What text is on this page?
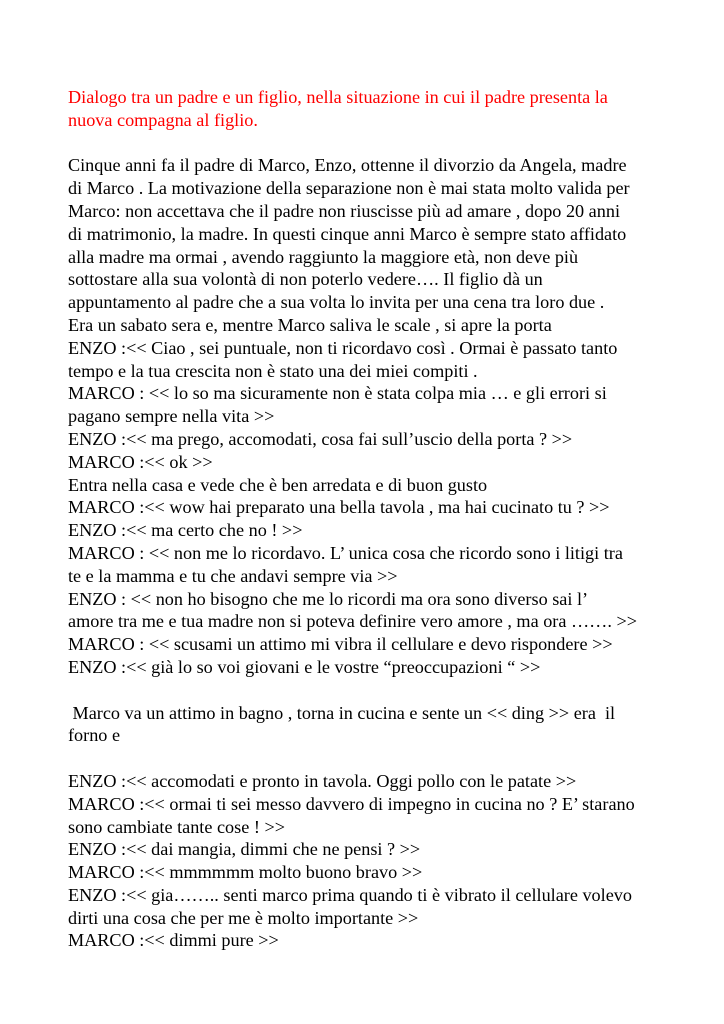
Dialogo tra un padre e un figlio, nella situazione in cui il padre presenta la
nuova compagna al figlio.
Cinque anni fa il padre di Marco, Enzo, ottenne il divorzio da Angela, madre
di Marco . La motivazione della separazione non è mai stata molto valida per
Marco: non accettava che il padre non riuscisse più ad amare , dopo 20 anni
di matrimonio, la madre. In questi cinque anni Marco è sempre stato affidato
alla madre ma ormai , avendo raggiunto la maggiore età, non deve più
sottostare alla sua volontà di non poterlo vedere…. Il figlio dà un
appuntamento al padre che a sua volta lo invita per una cena tra loro due .
Era un sabato sera e, mentre Marco saliva le scale , si apre la porta
ENZO :<< Ciao , sei puntuale, non ti ricordavo così . Ormai è passato tanto
tempo e la tua crescita non è stato una dei miei compiti .
MARCO : << lo so ma sicuramente non è stata colpa mia … e gli errori si
pagano sempre nella vita >>
ENZO :<< ma prego, accomodati, cosa fai sull’uscio della porta ? >>
MARCO :<< ok >>
Entra nella casa e vede che è ben arredata e di buon gusto
MARCO :<< wow hai preparato una bella tavola , ma hai cucinato tu ? >>
ENZO :<< ma certo che no ! >>
MARCO : << non me lo ricordavo. L’ unica cosa che ricordo sono i litigi tra
te e la mamma e tu che andavi sempre via >>
ENZO : << non ho bisogno che me lo ricordi ma ora sono diverso sai l’
amore tra me e tua madre non si poteva definire vero amore , ma ora ……. >>
MARCO : << scusami un attimo mi vibra il cellulare e devo rispondere >>
ENZO :<< già lo so voi giovani e le vostre “preoccupazioni “ >>
Marco va un attimo in bagno , torna in cucina e sente un << ding >> era  il
forno e
ENZO :<< accomodati e pronto in tavola. Oggi pollo con le patate >>
MARCO :<< ormai ti sei messo davvero di impegno in cucina no ? E’ starano
sono cambiate tante cose ! >>
ENZO :<< dai mangia, dimmi che ne pensi ? >>
MARCO :<< mmmmmm molto buono bravo >>
ENZO :<< gia…….. senti marco prima quando ti è vibrato il cellulare volevo
dirti una cosa che per me è molto importante >>
MARCO :<< dimmi pure >>
